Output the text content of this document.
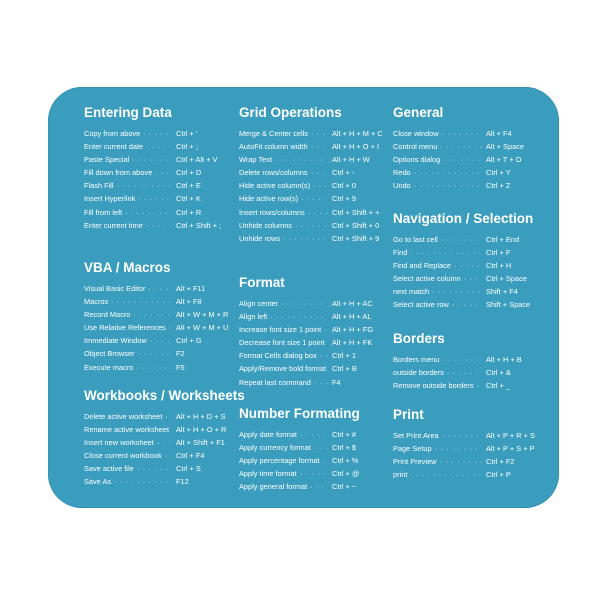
Entering Data
Copy from above · · · · · Ctrl + '
Enter current date · · · · · Ctrl + ;
Paste Special · · · · · · · Ctrl + Alt + V
Fill down from above · · · Ctrl + D
Flash Fill · · · · · · · · · · Ctrl + E
Insert Hyperlink · · · · · · Ctrl + K
Fill from left · · · · · · · · Ctrl + R
Enter current time · · · · · Ctrl + Shift + ;
VBA / Macros
Visual Basic Editor · · · · Alt + F11
Macros · · · · · · · · · · · Alt + F8
Record Macro · · · · · · · Alt + W + M + R
Use Relative References · Alt + W + M + U
Immediate Window · · · · Ctrl + G
Object Browser · · · · · · F2
Execute macro · · · · · · · F5
Workbooks / Worksheets
Delete active worksheet · Alt + H + D + S
Rename active worksheet Alt + H + O + R
Insert new worksheet · · · Alt + Shift + F1
Close current workbook · Ctrl + F4
Save active file · · · · · · Ctrl + S
Save As · · · · · · · · · · F12
Grid Operations
Merge & Center cells · · · Alt + H + M + C
AutoFit column width · · · Alt + H + O + I
Wrap Text · · · · · · · · · Alt + H + W
Delete rows/columns · · · Ctrl + -
Hide active column(s) · · · Ctrl + 0
Hide active row(s) · · · · · Ctrl + 9
Insert rows/columns · · · · Ctrl + Shift + +
Unhide columns · · · · · · Ctrl + Shift + 0
Unhide rows · · · · · · · · Ctrl + Shift + 9
Format
Align center · · · · · · · · Alt + H + AC
Align left · · · · · · · · · · Alt + H + AL
Increase font size 1 point · Alt + H + FG
Decrease font size 1 point Alt + H + FK
Format Cells dialog box · · Ctrl + 1
Apply/Remove bold format Ctrl + B
Repeat last command · · · F4
Number Formating
Apply date format · · · · · Ctrl + #
Apply currency format · · · Ctrl + $
Apply percentage format · Ctrl + %
Apply time format · · · · · Ctrl + @
Apply general format · · · Ctrl + ~
General
Close window · · · · · · · Alt + F4
Control menu · · · · · · · · Alt + Space
Options dialog · · · · · · · Alt + T + O
Redo · · · · · · · · · · · · Ctrl + Y
Undo · · · · · · · · · · · · Ctrl + Z
Navigation / Selection
Go to last cell · · · · · · · Ctrl + End
Find · · · · · · · · · · · · · Ctrl + F
Find and Replace · · · · · Ctrl + H
Select active column · · · Ctrl + Space
next match · · · · · · · · · Shift + F4
Select active row · · · · · Shift + Space
Borders
Borders menu · · · · · · · Alt + H + B
outside borders · · · · · · Ctrl + &
Remove outside borders · Ctrl + _
Print
Set Print Area · · · · · · · Alt + P + R + S
Page Setup · · · · · · · · Alt + P + S + P
Print Preview · · · · · · · · Ctrl + F2
print · · · · · · · · · · · · · Ctrl + P
